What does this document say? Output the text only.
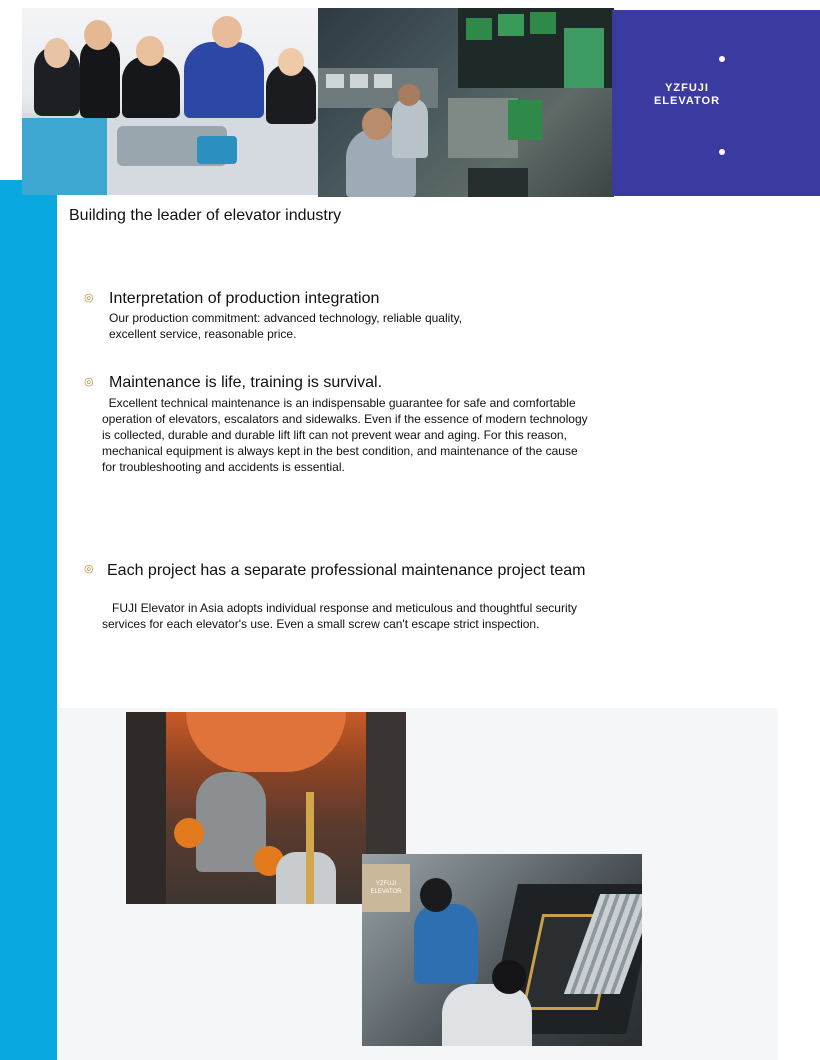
YZFUJI
ELEVATOR
Building the leader of elevator industry
◎ Interpretation of production integration
Our production commitment: advanced technology, reliable quality, excellent service, reasonable price.
◎ Maintenance is life, training is survival.
Excellent technical maintenance is an indispensable guarantee for safe and comfortable operation of elevators, escalators and sidewalks. Even if the essence of modern technology is collected, durable and durable lift lift can not prevent wear and aging. For this reason, mechanical equipment is always kept in the best condition, and maintenance of the cause for troubleshooting and accidents is essential.
◎ Each project has a separate professional maintenance project team
FUJI Elevator in Asia adopts individual response and meticulous and thoughtful security services for each elevator's use. Even a small screw can't escape strict inspection.
YZFUJI ELEVATOR
